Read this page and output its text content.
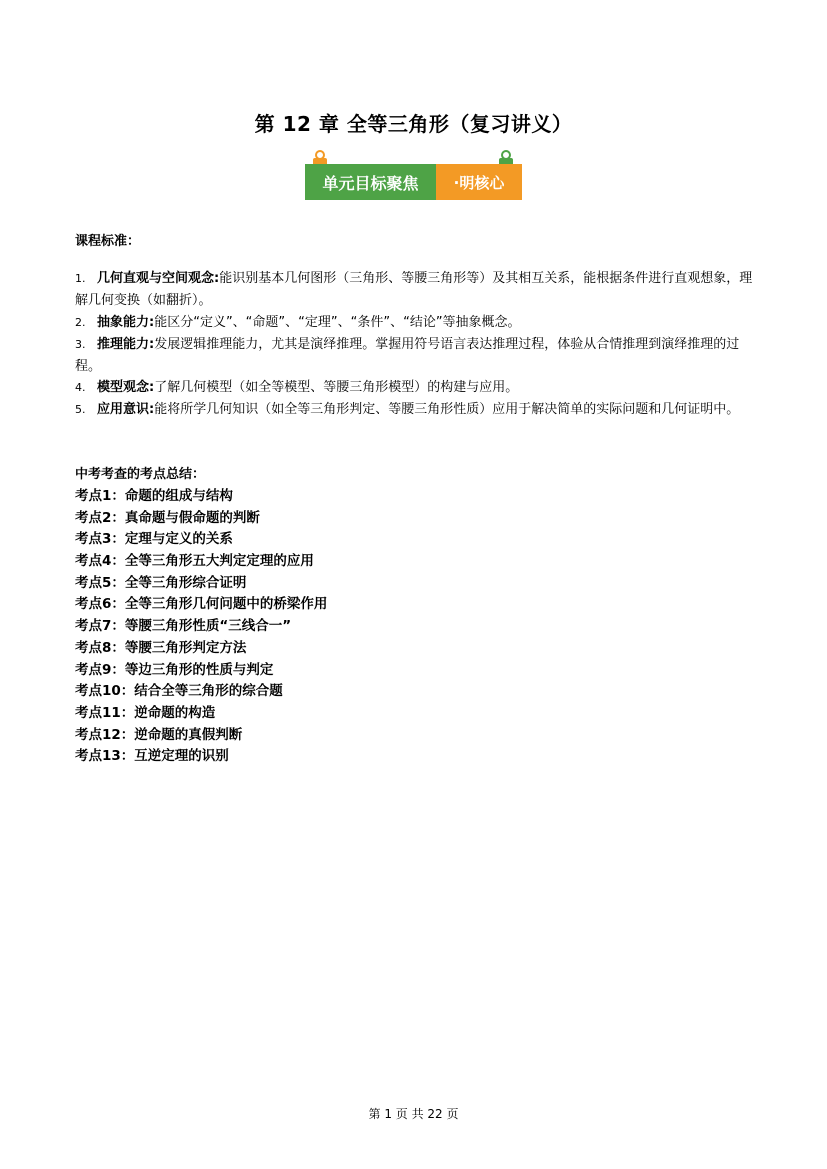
第 12 章 全等三角形（复习讲义）
单元目标聚焦	·明核心
课程标准：
1. 几何直观与空间观念:能识别基本几何图形（三角形、等腰三角形等）及其相互关系，能根据条件进行直观想象，理解几何变换（如翻折）。
2. 抽象能力:能区分“定义”、“命题”、“定理”、“条件”、“结论”等抽象概念。
3. 推理能力:发展逻辑推理能力，尤其是演绎推理。掌握用符号语言表达推理过程，体验从合情推理到演绎推理的过程。
4. 模型观念:了解几何模型（如全等模型、等腰三角形模型）的构建与应用。
5. 应用意识:能将所学几何知识（如全等三角形判定、等腰三角形性质）应用于解决简单的实际问题和几何证明中。
中考考查的考点总结：
考点1：命题的组成与结构
考点2：真命题与假命题的判断
考点3：定理与定义的关系
考点4：全等三角形五大判定定理的应用
考点5：全等三角形综合证明
考点6：全等三角形几何问题中的桥梁作用
考点7：等腰三角形性质“三线合一”
考点8：等腰三角形判定方法
考点9：等边三角形的性质与判定
考点10：结合全等三角形的综合题
考点11：逆命题的构造
考点12：逆命题的真假判断
考点13：互逆定理的识别
第 1 页 共 22 页
